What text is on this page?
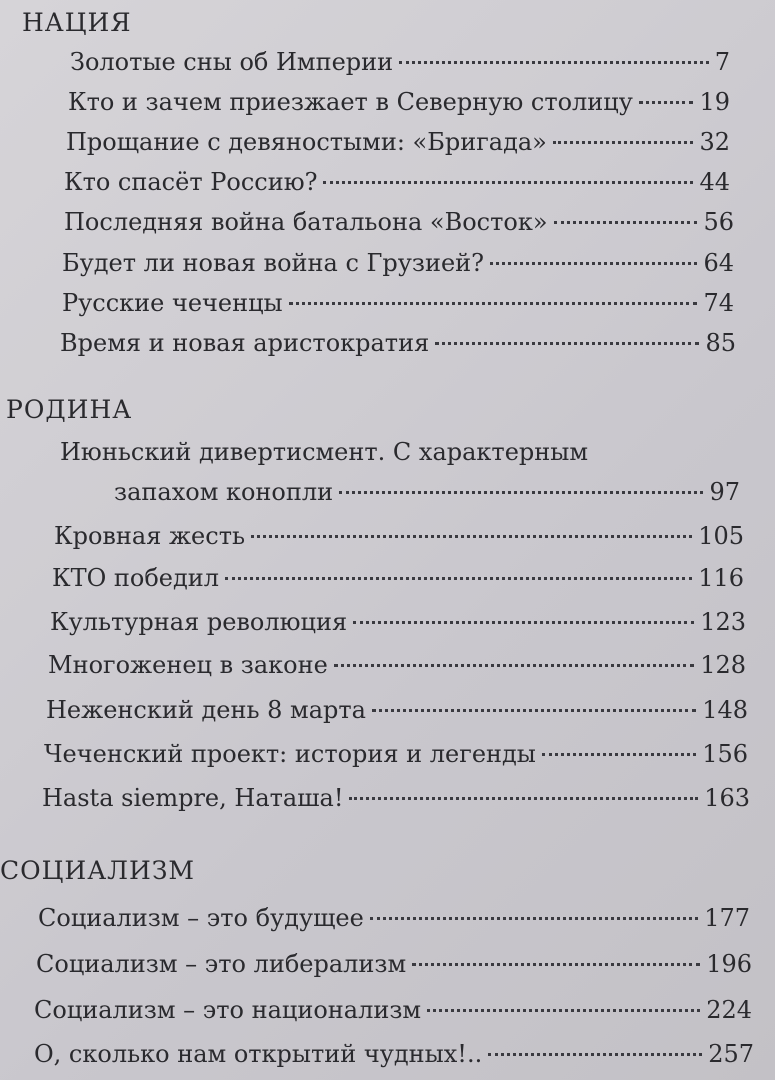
НАЦИЯ
Золотые сны об Империи	7
Кто и зачем приезжает в Северную столицу	19
Прощание с девяностыми: «Бригада»	32
Кто спасёт Россию?	44
Последняя война батальона «Восток»	56
Будет ли новая война с Грузией?	64
Русские чеченцы	74
Время и новая аристократия	85
РОДИНА
Июньский дивертисмент. С характерным
запахом конопли	97
Кровная жесть	105
КТО победил	116
Культурная революция	123
Многоженец в законе	128
Неженский день 8 марта	148
Чеченский проект: история и легенды	156
Hasta siempre, Наташа!	163
СОЦИАЛИЗМ
Социализм – это будущее	177
Социализм – это либерализм	196
Социализм – это национализм	224
О, сколько нам открытий чудных!..	257
